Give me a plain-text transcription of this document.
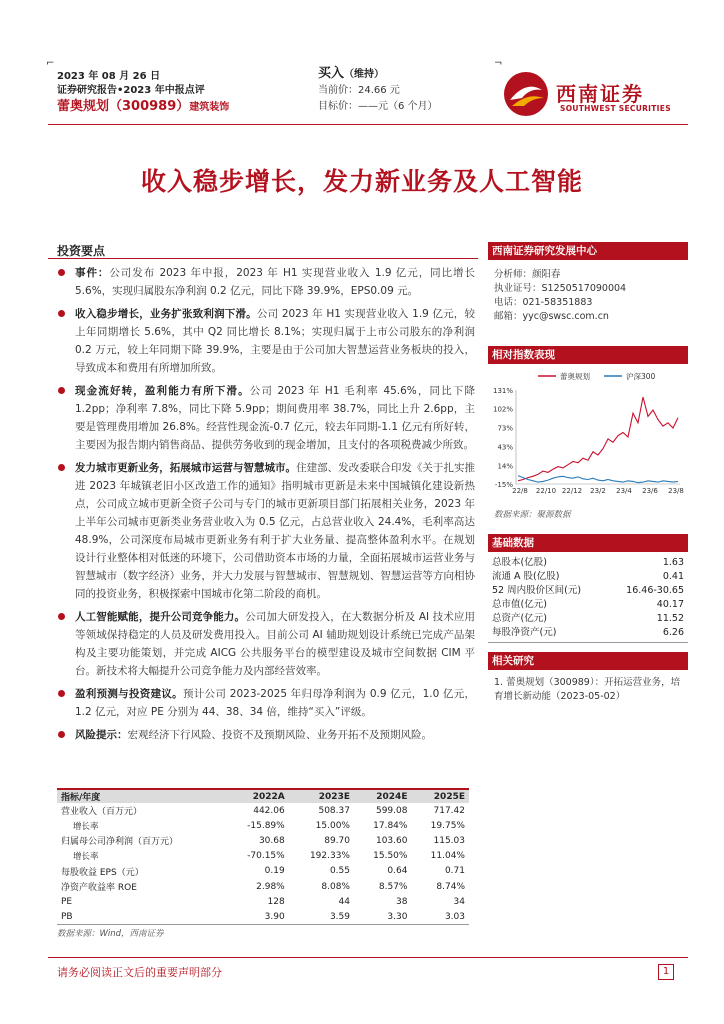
⌐	¬
2023 年 08 月 26 日
证券研究报告•2023 年中报点评
蕾奥规划（300989）建筑装饰
买入（维持）
当前价：24.66 元
目标价：——元（6 个月）
西南证券
SOUTHWEST SECURITIES
收入稳步增长，发力新业务及人工智能
投资要点
事件：公司发布 2023 年中报，2023 年 H1 实现营业收入 1.9 亿元，同比增长 5.6%，实现归属股东净利润 0.2 亿元，同比下降 39.9%，EPS0.09 元。
收入稳步增长，业务扩张致利润下滑。公司 2023 年 H1 实现营业收入 1.9 亿元，较上年同期增长 5.6%，其中 Q2 同比增长 8.1%；实现归属于上市公司股东的净利润 0.2 万元，较上年同期下降 39.9%，主要是由于公司加大智慧运营业务板块的投入，导致成本和费用有所增加所致。
现金流好转，盈利能力有所下滑。公司 2023 年 H1 毛利率 45.6%，同比下降 1.2pp；净利率 7.8%，同比下降 5.9pp；期间费用率 38.7%，同比上升 2.6pp，主要是管理费用增加 26.8%。经营性现金流-0.7 亿元，较去年同期-1.1 亿元有所好转，主要因为报告期内销售商品、提供劳务收到的现金增加，且支付的各项税费减少所致。
发力城市更新业务，拓展城市运营与智慧城市。住建部、发改委联合印发《关于扎实推进 2023 年城镇老旧小区改造工作的通知》指明城市更新是未来中国城镇化建设新热点，公司成立城市更新全资子公司与专门的城市更新项目部门拓展相关业务，2023 年上半年公司城市更新类业务营业收入为 0.5 亿元，占总营业收入 24.4%，毛利率高达 48.9%，公司深度布局城市更新业务有利于扩大业务量、提高整体盈利水平。在规划设计行业整体相对低迷的环境下，公司借助资本市场的力量，全面拓展城市运营业务与智慧城市（数字经济）业务，并大力发展与智慧城市、智慧规划、智慧运营等方向相协同的投资业务，积极探索中国城市化第二阶段的商机。
人工智能赋能，提升公司竞争能力。公司加大研发投入，在大数据分析及 AI 技术应用等领域保持稳定的人员及研发费用投入。目前公司 AI 辅助规划设计系统已完成产品架构及主要功能策划，并完成 AICG 公共服务平台的模型建设及城市空间数据 CIM 平台。新技术将大幅提升公司竞争能力及内部经营效率。
盈利预测与投资建议。预计公司 2023-2025 年归母净利润为 0.9 亿元，1.0 亿元，1.2 亿元，对应 PE 分别为 44、38、34 倍，维持“买入”评级。
风险提示：宏观经济下行风险、投资不及预期风险、业务开拓不及预期风险。
指标/年度	2022A	2023E	2024E	2025E
营业收入（百万元）	442.06	508.37	599.08	717.42
增长率	-15.89%	15.00%	17.84%	19.75%
归属母公司净利润（百万元）	30.68	89.70	103.60	115.03
增长率	-70.15%	192.33%	15.50%	11.04%
每股收益 EPS（元）	0.19	0.55	0.64	0.71
净资产收益率 ROE	2.98%	8.08%	8.57%	8.74%
PE	128	44	38	34
PB	3.90	3.59	3.30	3.03
数据来源：Wind，西南证券
西南证券研究发展中心
分析师：颜阳春
执业证号：S1250517090004
电话：021-58351883
邮箱：yyc@swsc.com.cn
相对指数表现
131%
102%
73%
43%
14%
-15%
22/8 22/10 22/12 23/2 23/4 23/6 23/8
蕾奥规划	沪深300
数据来源：聚源数据
基础数据
总股本(亿股)	1.63
流通 A 股(亿股)	0.41
52 周内股价区间(元)	16.46-30.65
总市值(亿元)	40.17
总资产(亿元)	11.52
每股净资产(元)	6.26
相关研究
1. 蕾奥规划（300989）：开拓运营业务，培育增长新动能（2023-05-02）
请务必阅读正文后的重要声明部分	1
